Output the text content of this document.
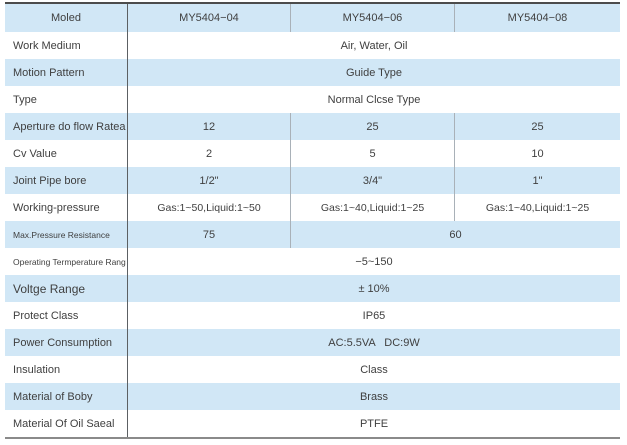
Moled	MY5404−04	MY5404−06	MY5404−08
Work Medium	Air, Water, Oil
Motion Pattern	Guide Type
Type	Normal Clcse Type
Aperture do flow Ratea	12	25	25
Cv Value	2	5	10
Joint Pipe bore	1/2"	3/4"	1"
Working-pressure	Gas:1~50,Liquid:1~50	Gas:1~40,Liquid:1~25	Gas:1~40,Liquid:1~25
Max.Pressure Resistance	75	60
Operating Termperature Rang	−5~150
Voltge Range	± 10%
Protect Class	IP65
Power Consumption	AC:5.5VA   DC:9W
Insulation	Class
Material of Boby	Brass
Material Of Oil Saeal	PTFE
